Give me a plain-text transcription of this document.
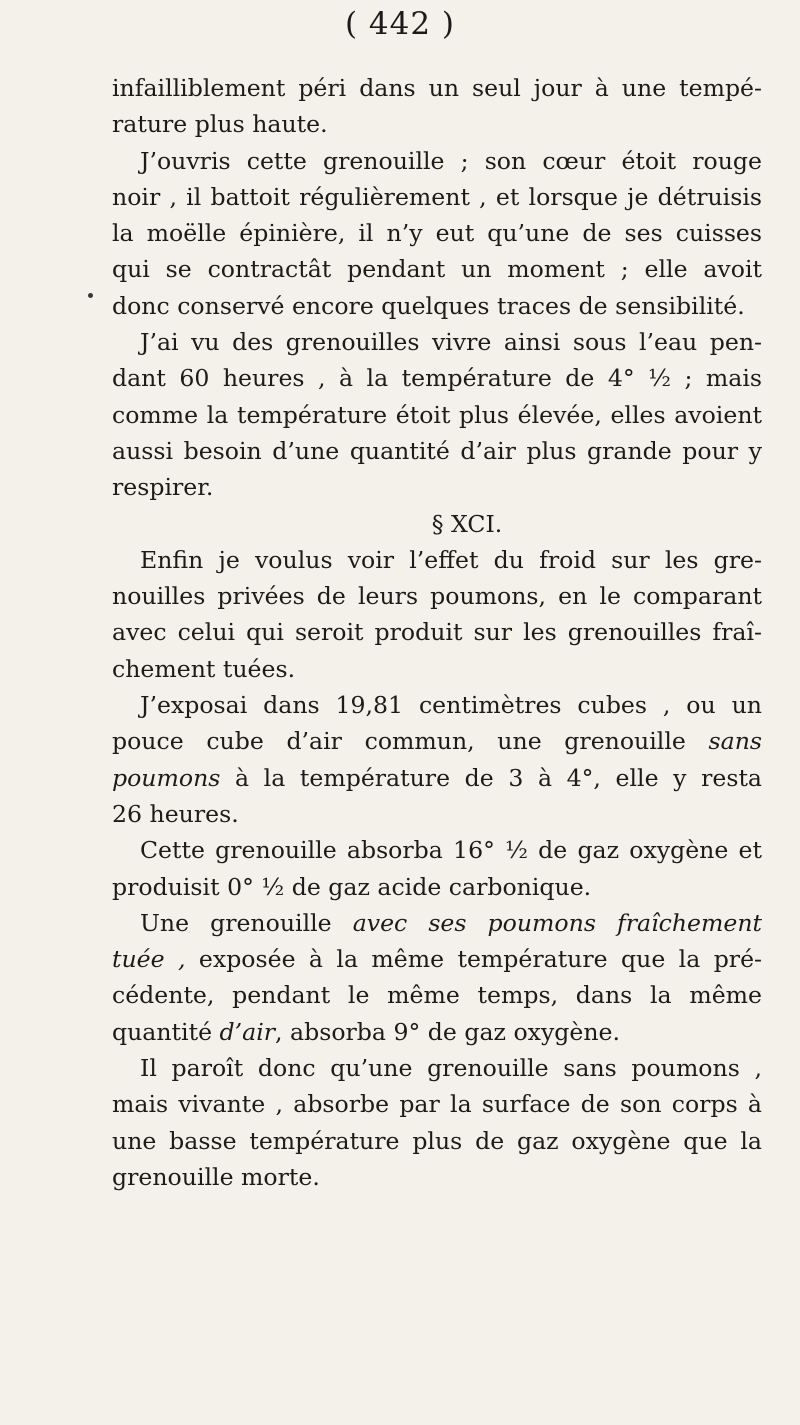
( 442 )
infailliblement péri dans un seul jour à une tempé-
rature plus haute.
J’ouvris cette grenouille ; son cœur étoit rouge
noir , il battoit régulièrement , et lorsque je détruisis
la moëlle épinière, il n’y eut qu’une de ses cuisses
qui se contractât pendant un moment ; elle avoit
donc conservé encore quelques traces de sensibilité.
J’ai vu des grenouilles vivre ainsi sous l’eau pen-
dant 60 heures , à la température de 4° ½ ; mais
comme la température étoit plus élevée, elles avoient
aussi besoin d’une quantité d’air plus grande pour y
respirer.
§ XCI.
Enfin je voulus voir l’effet du froid sur les gre-
nouilles privées de leurs poumons, en le comparant
avec celui qui seroit produit sur les grenouilles fraî-
chement tuées.
J’exposai dans 19,81 centimètres cubes , ou un
pouce cube d’air commun, une grenouille sans
poumons à la température de 3 à 4°, elle y resta
26 heures.
Cette grenouille absorba 16° ½ de gaz oxygène et
produisit 0° ½ de gaz acide carbonique.
Une grenouille avec ses poumons fraîchement
tuée , exposée à la même température que la pré-
cédente, pendant le même temps, dans la même
quantité d’air, absorba 9° de gaz oxygène.
Il paroît donc qu’une grenouille sans poumons ,
mais vivante , absorbe par la surface de son corps à
une basse température plus de gaz oxygène que la
grenouille morte.
